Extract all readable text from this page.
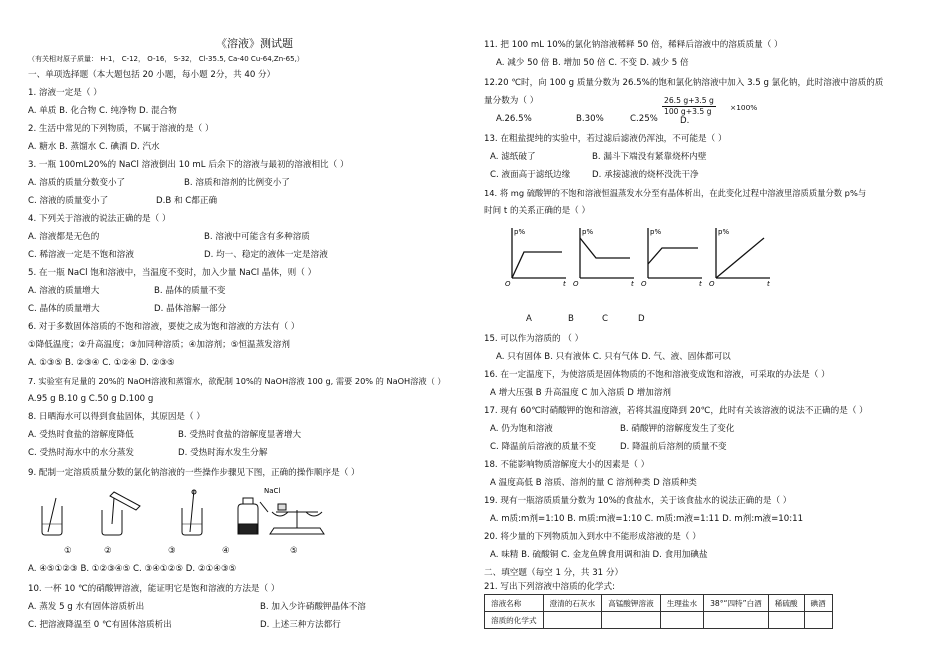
《溶液》测试题
（有关相对原子质量： H-1， C-12， O-16， S-32， Cl-35.5, Ca-40 Cu-64,Zn-65,）
一、单项选择题（本大题包括 20 小题，每小题 2分，共 40 分）
1. 溶液一定是（ ）
A. 单质 B. 化合物 C. 纯净物 D. 混合物
2. 生活中常见的下列物质，不属于溶液的是（ ）
A. 糖水 B. 蒸馏水 C. 碘酒 D. 汽水
3. 一瓶 100mL20%的 NaCl 溶液倒出 10 mL 后余下的溶液与最初的溶液相比（ ）
A. 溶质的质量分数变小了	B. 溶质和溶剂的比例变小了
C. 溶液的质量变小了	D.B 和 C都正确
4. 下列关于溶液的说法正确的是（ ）
A. 溶液都是无色的	B. 溶液中可能含有多种溶质
C. 稀溶液一定是不饱和溶液	D. 均一、稳定的液体一定是溶液
5. 在一瓶 NaCl 饱和溶液中，当温度不变时，加入少量 NaCl 晶体，则（ ）
A. 溶液的质量增大	B. 晶体的质量不变
C. 晶体的质量增大	D. 晶体溶解一部分
6. 对于多数固体溶质的不饱和溶液，要使之成为饱和溶液的方法有（ ）
①降低温度；②升高温度；③加同种溶质；④加溶剂；⑤恒温蒸发溶剂
A. ①③⑤ B. ②③④ C. ①②④ D. ②③⑤
7. 实验室有足量的 20%的 NaOH溶液和蒸馏水，欲配制 10%的 NaOH溶液 100 g, 需要 20% 的 NaOH溶液（ ）
A.95 g B.10 g C.50 g D.100 g
8. 日晒海水可以得到食盐固体，其原因是（ ）
A. 受热时食盐的溶解度降低	B. 受热时食盐的溶解度显著增大
C. 受热时海水中的水分蒸发	D. 受热时海水发生分解
9. 配制一定溶质质量分数的氯化钠溶液的一些操作步骤见下图，正确的操作顺序是（ ）
NaCl
①	②	③	④	⑤
A. ④⑤①②③ B. ①②③④⑤ C. ③④①②⑤ D. ②①④③⑤
10. 一杯 10 ℃的硝酸钾溶液，能证明它是饱和溶液的方法是（ ）
A. 蒸发 5 g 水有固体溶质析出	B. 加入少许硝酸钾晶体不溶
C. 把溶液降温至 0 ℃有固体溶质析出	D. 上述三种方法都行
11. 把 100 mL 10%的氯化钠溶液稀释 50 倍，稀释后溶液中的溶质质量（ ）
A. 减少 50 倍 B. 增加 50 倍 C. 不变 D. 减少 5 倍
12.20 ℃时，向 100 g 质量分数为 26.5%的饱和氯化钠溶液中加入 3.5 g 氯化钠，此时溶液中溶质的质
量分数为（ ）
A.26.5%	B.30%	C.25%
$\frac{26.5 g+3.5 g}{100 g+3.5 g} \times 100\%$
D.
13. 在粗盐提纯的实验中，若过滤后滤液仍浑浊，不可能是（ ）
A. 滤纸破了	B. 漏斗下端没有紧靠烧杯内壁
C. 液面高于滤纸边缘	D. 承接滤液的烧杯没洗干净
14. 将 mg 硫酸钾的不饱和溶液恒温蒸发水分至有晶体析出，在此变化过程中溶液里溶质质量分数 p%与
时间 t 的关系正确的是（ ）
p%
t
O
p%
t
O
p%
t
O
p%
t
O
A	B	C	D
15. 可以作为溶质的 （ ）
A. 只有固体 B. 只有液体 C. 只有气体 D. 气、液、固体都可以
16. 在一定温度下，为使溶质是固体物质的不饱和溶液变成饱和溶液，可采取的办法是（ ）
A 增大压强 B 升高温度 C 加入溶质 D 增加溶剂
17. 现有 60℃时硝酸钾的饱和溶液，若将其温度降到 20℃，此时有关该溶液的说法不正确的是（ ）
A. 仍为饱和溶液	B. 硝酸钾的溶解度发生了变化
C. 降温前后溶液的质量不变	D. 降温前后溶剂的质量不变
18. 不能影响物质溶解度大小的因素是（ ）
A 温度高低 B 溶质、溶剂的量 C 溶剂种类 D 溶质种类
19. 现有一瓶溶质质量分数为 10%的食盐水，关于该食盐水的说法正确的是（ ）
A. m质:m剂=1:10 B. m质:m液=1:10 C. m质:m液=1:11 D. m剂:m液=10:11
20. 将少量的下列物质加入到水中不能形成溶液的是（ ）
A. 味精 B. 硫酸铜 C. 金龙鱼牌食用调和油 D. 食用加碘盐
二、填空题（每空 1 分，共 31 分）
21. 写出下列溶液中溶质的化学式:
溶液名称	澄清的石灰水	高锰酸钾溶液	生理盐水	38°“四特”白酒	稀硫酸	碘酒
溶质的化学式						
